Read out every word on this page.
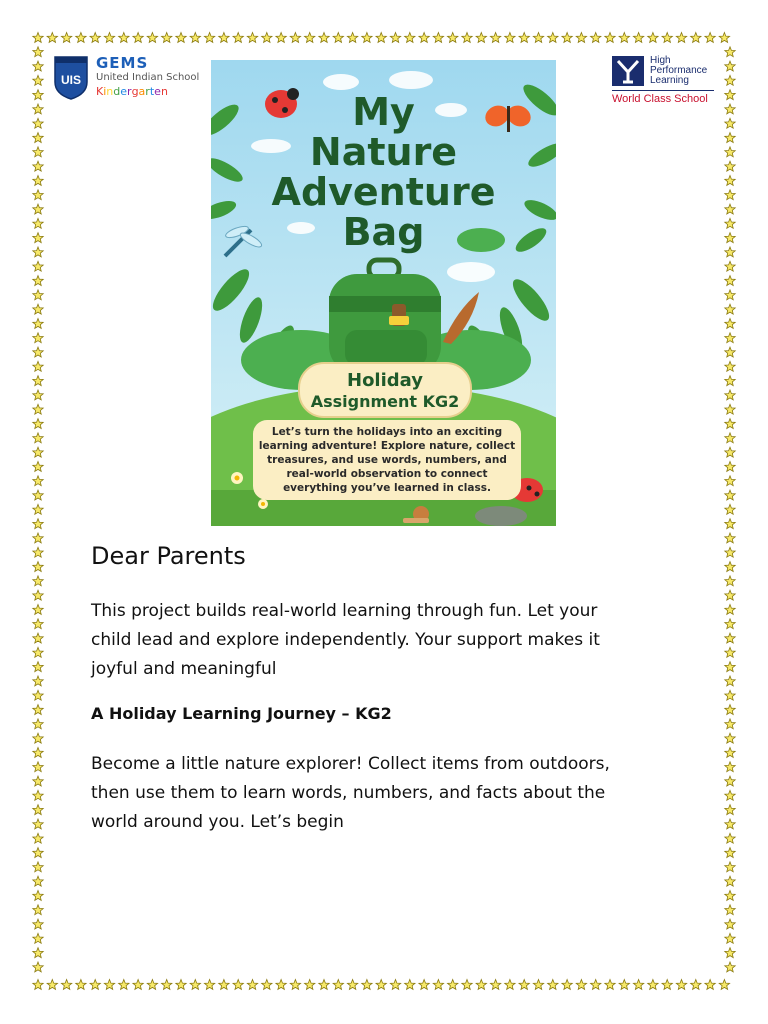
UIS
GEMS
United Indian School
Kindergarten
High
Performance
Learning
World Class School
My
Nature
Adventure
Bag
Holiday
Assignment KG2
Let’s turn the holidays into an exciting
learning adventure! Explore nature, collect
treasures, and use words, numbers, and
real-world observation to connect
everything you’ve learned in class.
Dear Parents
This project builds real-world learning through fun. Let your
child lead and explore independently. Your support makes it
joyful and meaningful
A Holiday Learning Journey – KG2
Become a little nature explorer! Collect items from outdoors,
then use them to learn words, numbers, and facts about the
world around you. Let’s begin
